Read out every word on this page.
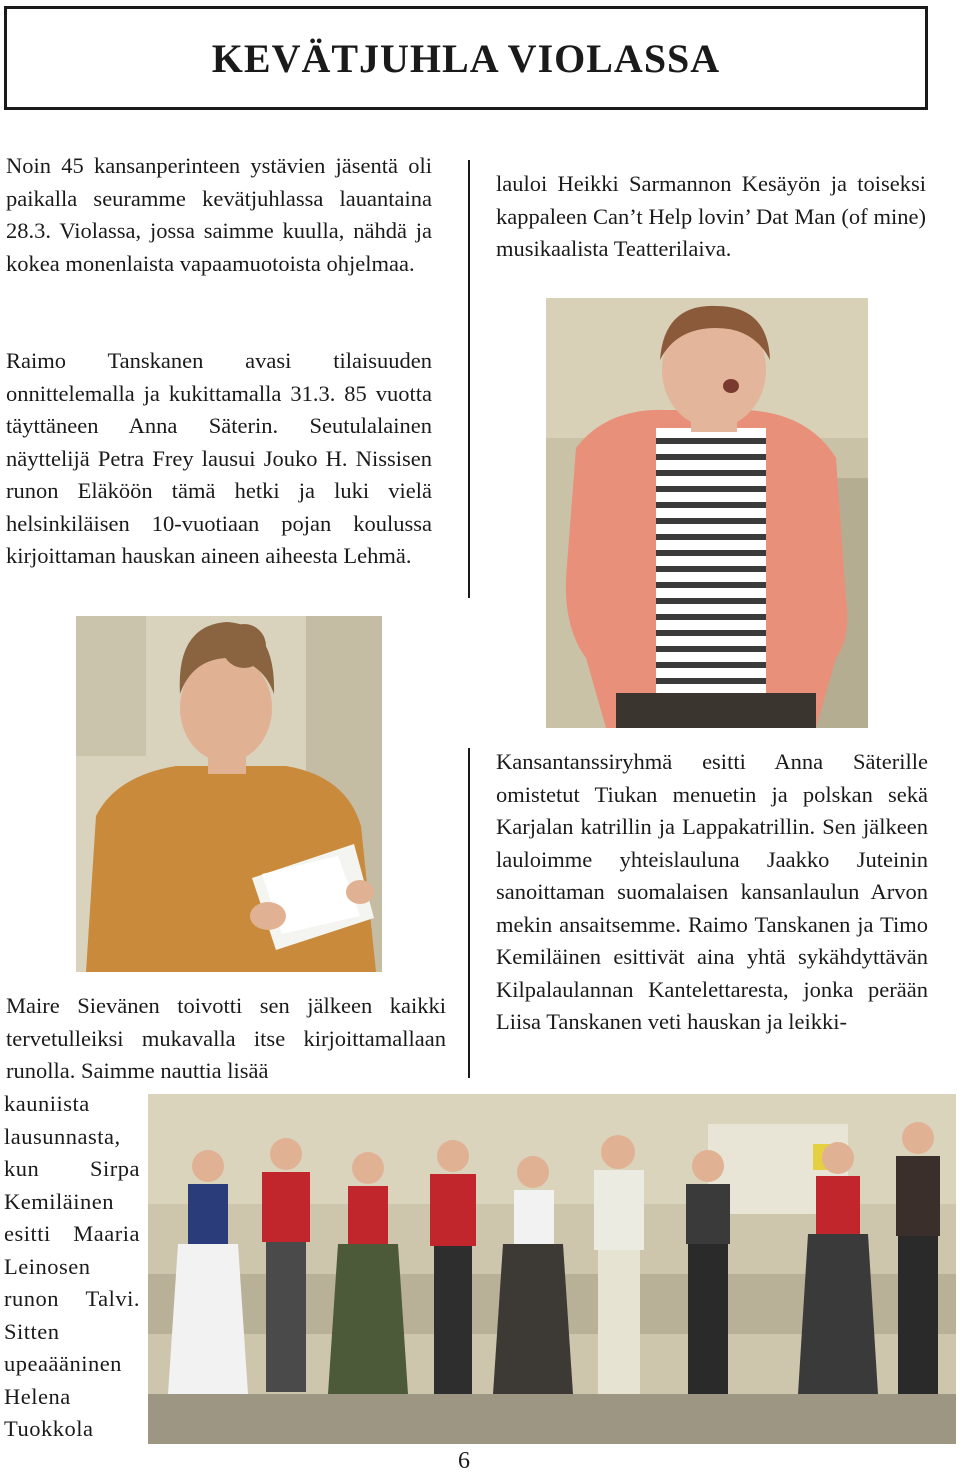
KEVÄTJUHLA VIOLASSA

Noin 45 kansanperinteen ystävien jäsentä oli paikalla seuramme kevätjuhlassa lauantaina 28.3. Violassa, jossa saimme kuulla, nähdä ja kokea monenlaista vapaamuotoista ohjelmaa.

Raimo Tanskanen avasi tilaisuuden onnittelemalla ja kukittamalla 31.3. 85 vuotta täyttäneen Anna Säterin. Seutulalainen näyttelijä Petra Frey lausui Jouko H. Nissisen runon Eläköön tämä hetki ja luki vielä helsinkiläisen 10-vuotiaan pojan koulussa kirjoittaman hauskan aineen aiheesta Lehmä.

Maire Sievänen toivotti sen jälkeen kaikki tervetulleiksi mukavalla itse kirjoittamallaan runolla. Saimme nauttia lisää

kauniista lausunnasta, kun Sirpa Kemiläinen esitti Maaria Leinosen runon Talvi. Sitten upeaääninen Helena Tuokkola

lauloi Heikki Sarmannon Kesäyön ja toiseksi kappaleen Can’t Help lovin’ Dat Man (of mine) musikaalista Teatterilaiva.

Kansantanssiryhmä esitti Anna Säterille omistetut Tiukan menuetin ja polskan sekä Karjalan katrillin ja Lappakatrillin. Sen jälkeen lauloimme yhteislauluna Jaakko Juteinin sanoittaman suomalaisen kansanlaulun Arvon mekin ansaitsemme. Raimo Tanskanen ja Timo Kemiläinen esittivät aina yhtä sykähdyttävän Kilpalaulannan Kantelettaresta, jonka perään Liisa Tanskanen veti hauskan ja leikki-

6
